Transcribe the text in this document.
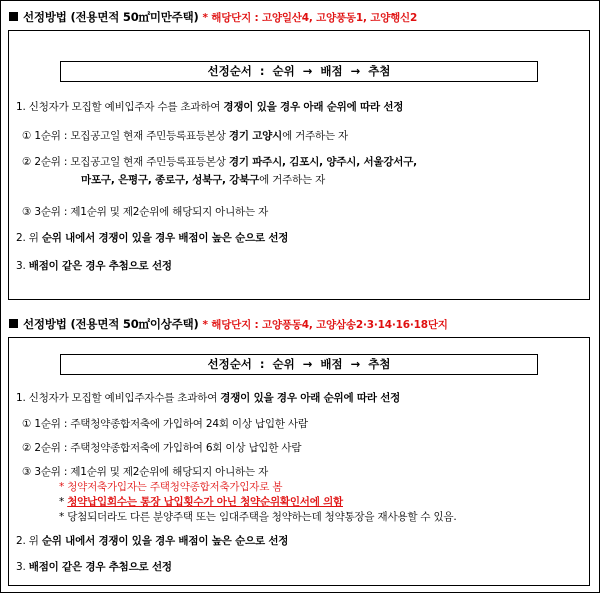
선정방법 (전용면적 50㎡미만주택) * 해당단지 : 고양일산4, 고양풍동1, 고양행신2
선정순서  :  순위  →  배점  →  추첨
1. 신청자가 모집할 예비입주자 수를 초과하여 경쟁이 있을 경우 아래 순위에 따라 선정
① 1순위 : 모집공고일 현재 주민등록표등본상 경기 고양시에 거주하는 자
② 2순위 : 모집공고일 현재 주민등록표등본상 경기 파주시, 김포시, 양주시, 서울강서구,
마포구, 은평구, 종로구, 성북구, 강북구에 거주하는 자
③ 3순위 : 제1순위 및 제2순위에 해당되지 아니하는 자
2. 위 순위 내에서 경쟁이 있을 경우 배점이 높은 순으로 선정
3. 배점이 같은 경우 추첨으로 선정
선정방법 (전용면적 50㎡이상주택) * 해당단지 : 고양풍동4, 고양삼송2·3·14·16·18단지
선정순서  :  순위  →  배점  →  추첨
1. 신청자가 모집할 예비입주자수를 초과하여 경쟁이 있을 경우 아래 순위에 따라 선정
① 1순위 : 주택청약종합저축에 가입하여 24회 이상 납입한 사람
② 2순위 : 주택청약종합저축에 가입하여 6회 이상 납입한 사람
③ 3순위 : 제1순위 및 제2순위에 해당되지 아니하는 자
* 청약저축가입자는 주택청약종합저축가입자로 봄
* 청약납입회수는 통장 납입횟수가 아닌 청약순위확인서에 의함
* 당첨되더라도 다른 분양주택 또는 임대주택을 청약하는데 청약통장을 재사용할 수 있음.
2. 위 순위 내에서 경쟁이 있을 경우 배점이 높은 순으로 선정
3. 배점이 같은 경우 추첨으로 선정
